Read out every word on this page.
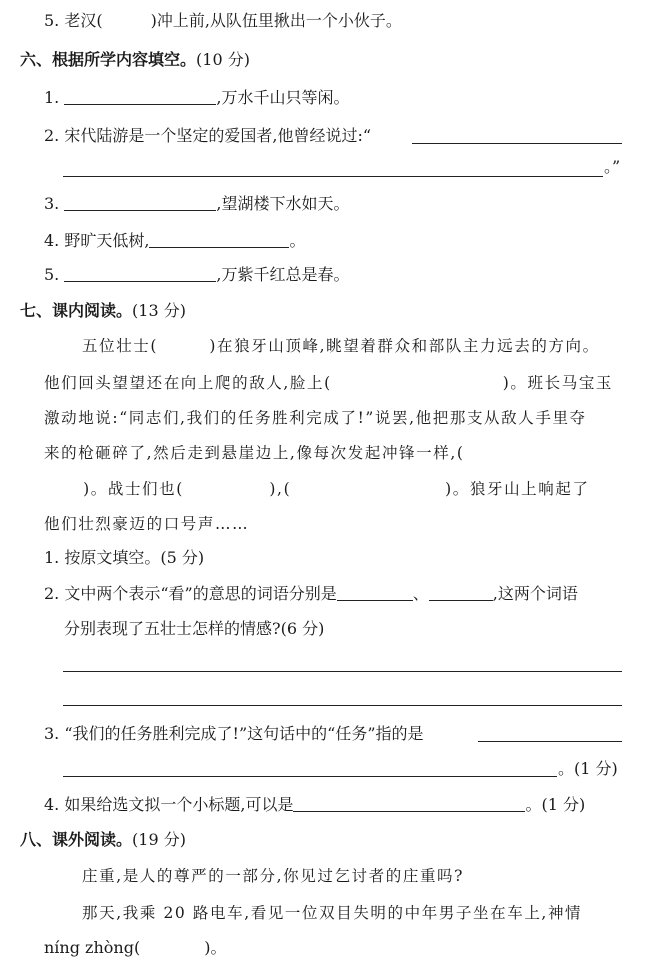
5. 老汉(　　　)冲上前,从队伍里揪出一个小伙子。
六、根据所学内容填空。(10 分)
1.	,万水千山只等闲。
2. 宋代陆游是一个坚定的爱国者,他曾经说过:“
。”
3.	,望湖楼下水如天。
4. 野旷天低树,	。
5.	,万紫千红总是春。
七、课内阅读。(13 分)
五位壮士(　　　)在狼牙山顶峰,眺望着群众和部队主力远去的方向。
他们回头望望还在向上爬的敌人,脸上(　　　　　　　　　　)。班长马宝玉
激动地说:“同志们,我们的任务胜利完成了!”说罢,他把那支从敌人手里夺
来的枪砸碎了,然后走到悬崖边上,像每次发起冲锋一样,(
　)。战士们也(　　　　　),(　　　　　　　　　)。狼牙山上响起了
他们壮烈豪迈的口号声……
1. 按原文填空。(5 分)
2. 文中两个表示“看”的意思的词语分别是	、	,这两个词语
分别表现了五壮士怎样的情感?(6 分)
3. “我们的任务胜利完成了!”这句话中的“任务”指的是
。(1 分)
4. 如果给选文拟一个小标题,可以是	。(1 分)
八、课外阅读。(19 分)
庄重,是人的尊严的一部分,你见过乞讨者的庄重吗?
那天,我乘 20 路电车,看见一位双目失明的中年男子坐在车上,神情
níng zhòng(　　　　)。
